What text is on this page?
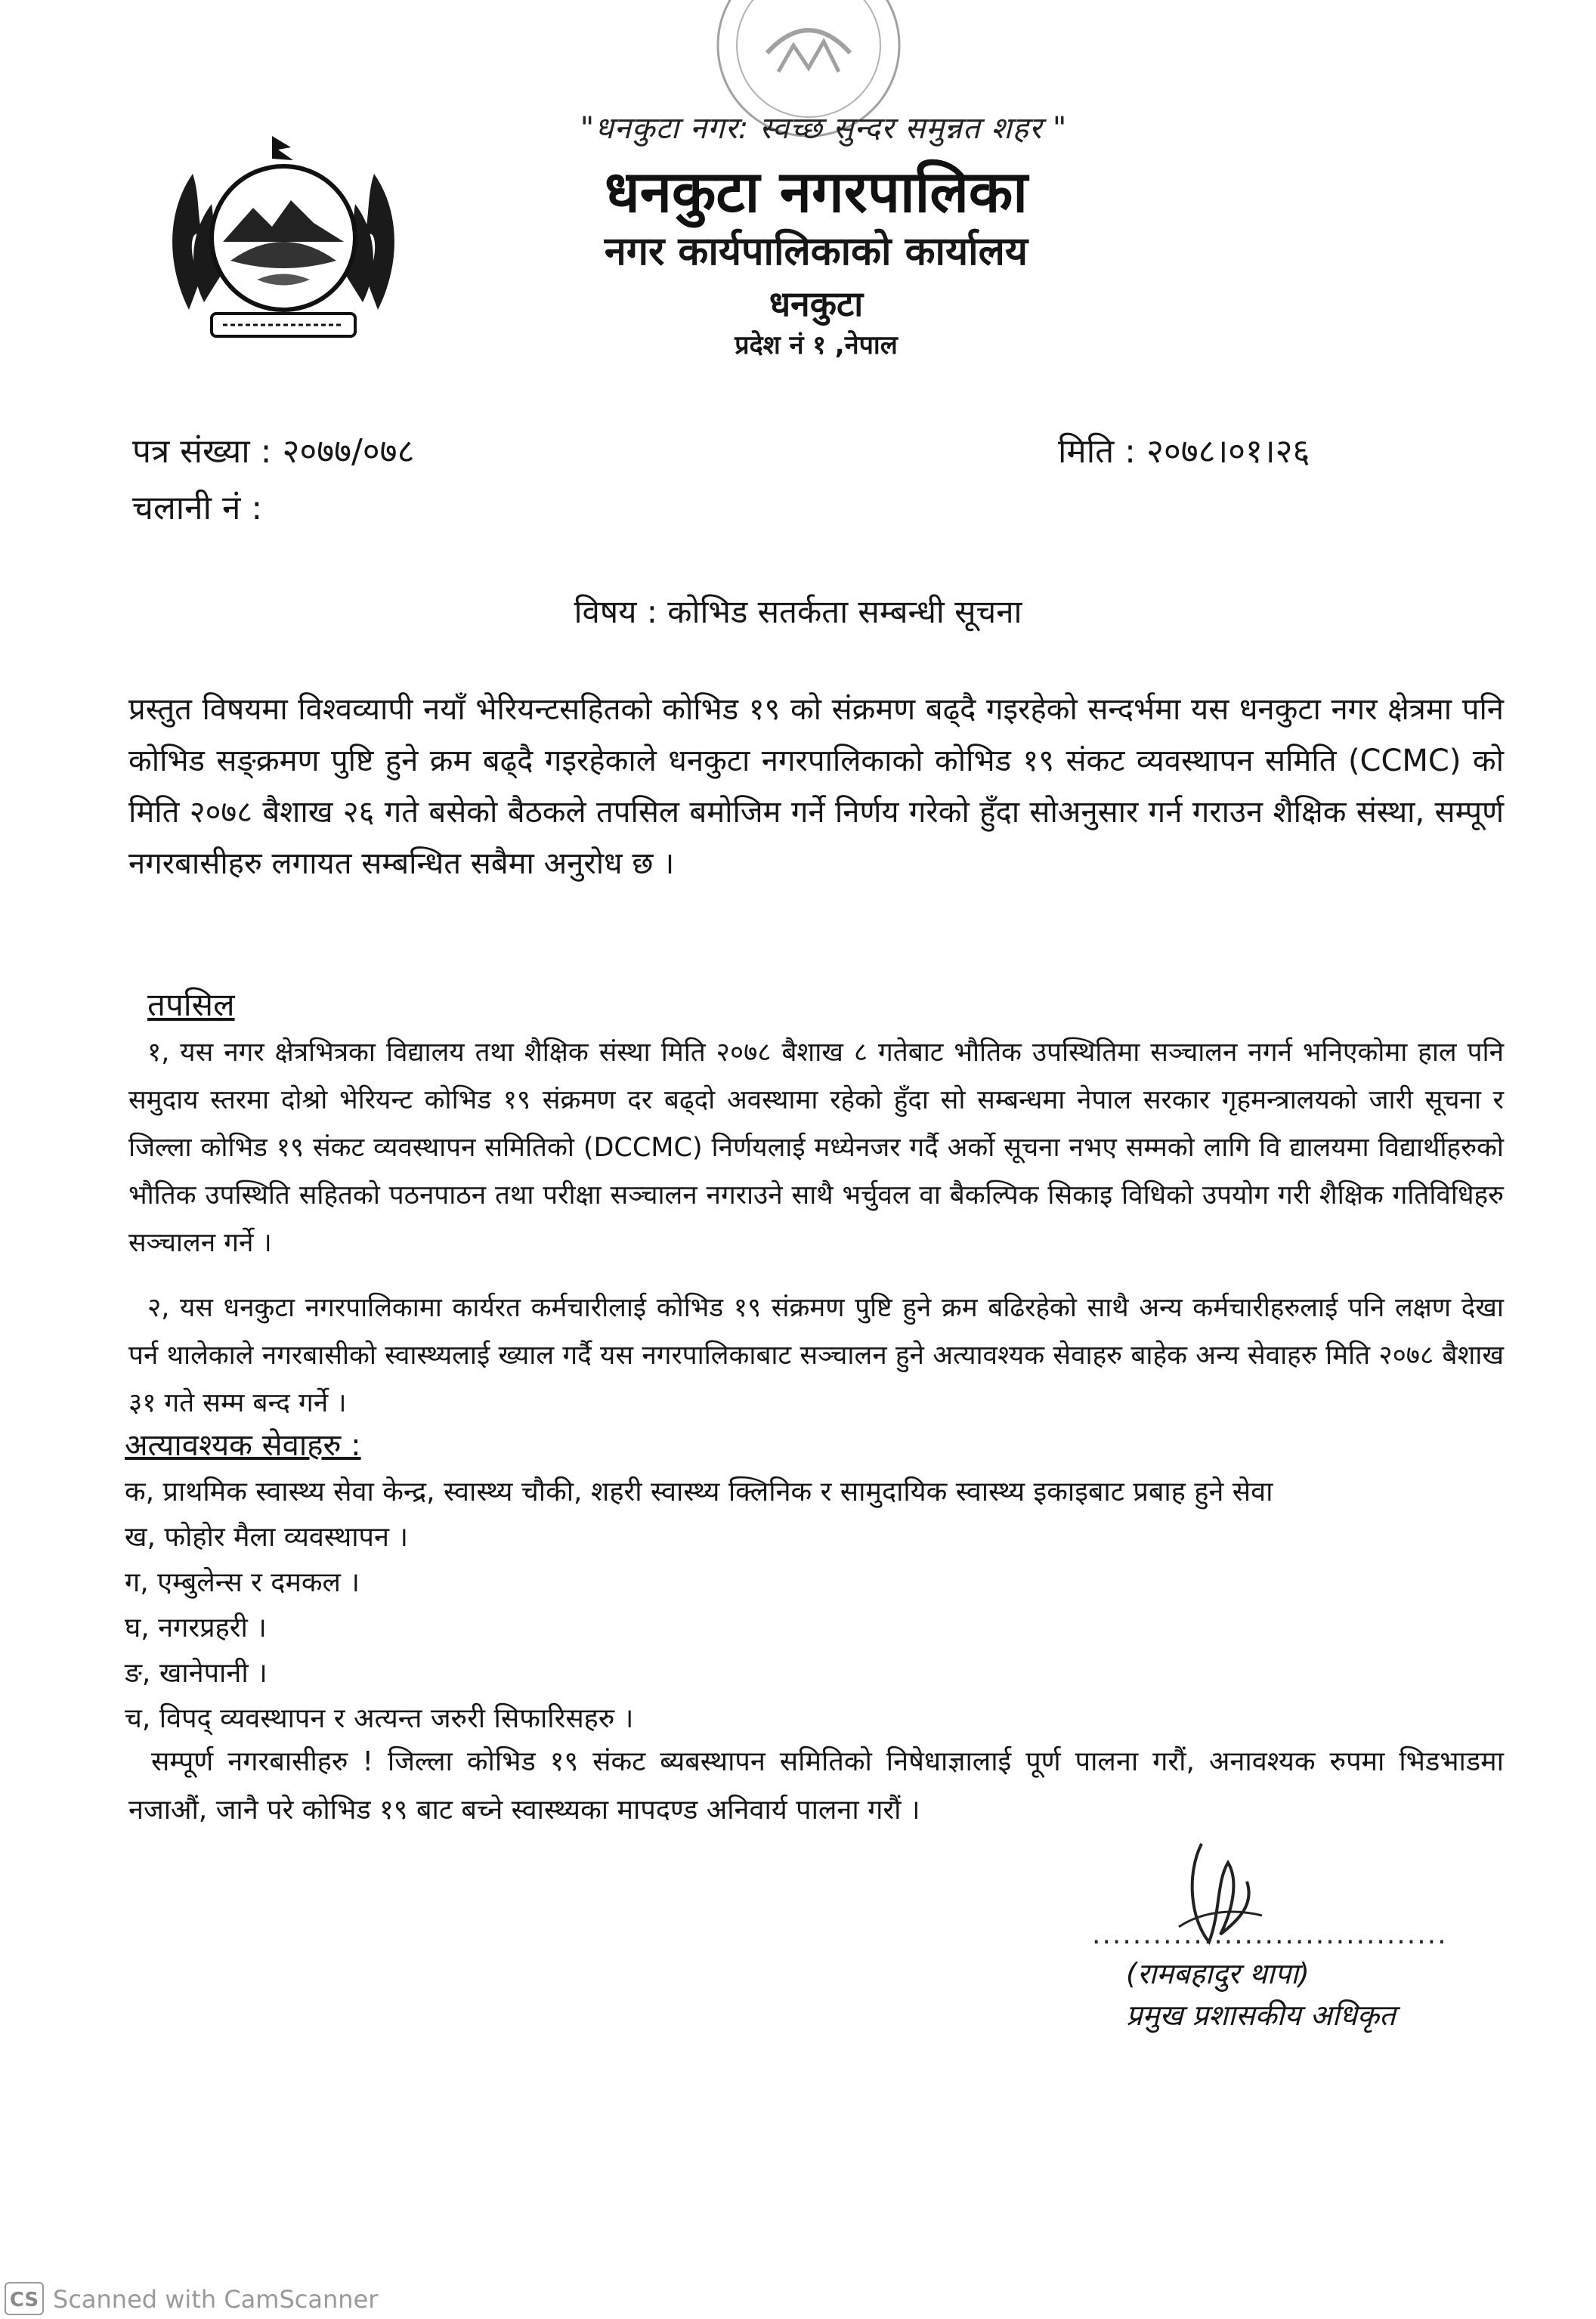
"धनकुटा नगर: स्वच्छ सुन्दर समुन्नत शहर "
धनकुटा नगरपालिका
नगर कार्यपालिकाको कार्यालय
धनकुटा
प्रदेश नं १ ,नेपाल
पत्र संख्या : २०७७/०७८
चलानी नं :
मिति : २०७८।०१।२६
विषय : कोभिड सतर्कता सम्बन्धी सूचना
प्रस्तुत विषयमा विश्वव्यापी नयाँ भेरियन्टसहितको कोभिड १९ को संक्रमण बढ्दै गइरहेको सन्दर्भमा यस धनकुटा नगर क्षेत्रमा पनि कोभिड सङ्क्रमण पुष्टि हुने क्रम बढ्दै गइरहेकाले धनकुटा नगरपालिकाको कोभिड १९ संकट व्यवस्थापन समिति (CCMC) को मिति २०७८ बैशाख २६ गते बसेको बैठकले तपसिल बमोजिम गर्ने निर्णय गरेको हुँदा सोअनुसार गर्न गराउन शैक्षिक संस्था, सम्पूर्ण नगरबासीहरु लगायत सम्बन्धित सबैमा अनुरोध छ ।
तपसिल
१, यस नगर क्षेत्रभित्रका विद्यालय तथा शैक्षिक संस्था मिति २०७८ बैशाख ८ गतेबाट भौतिक उपस्थितिमा सञ्चालन नगर्न भनिएकोमा हाल पनि समुदाय स्तरमा दोश्रो भेरियन्ट कोभिड १९ संक्रमण दर बढ्दो अवस्थामा रहेको हुँदा सो सम्बन्धमा नेपाल सरकार गृहमन्त्रालयको जारी सूचना र जिल्ला कोभिड १९ संकट व्यवस्थापन समितिको (DCCMC) निर्णयलाई मध्येनजर गर्दै अर्को सूचना नभए सम्मको लागि वि द्यालयमा विद्यार्थीहरुको भौतिक उपस्थिति सहितको पठनपाठन तथा परीक्षा सञ्चालन नगराउने साथै भर्चुवल वा बैकल्पिक सिकाइ विधिको उपयोग गरी शैक्षिक गतिविधिहरु सञ्चालन गर्ने ।
२, यस धनकुटा नगरपालिकामा कार्यरत कर्मचारीलाई कोभिड १९ संक्रमण पुष्टि हुने क्रम बढिरहेको साथै अन्य कर्मचारीहरुलाई पनि लक्षण देखा पर्न थालेकाले नगरबासीको स्वास्थ्यलाई ख्याल गर्दै यस नगरपालिकाबाट सञ्चालन हुने अत्यावश्यक सेवाहरु बाहेक अन्य सेवाहरु मिति २०७८ बैशाख ३१ गते सम्म बन्द गर्ने ।
अत्यावश्यक सेवाहरु :
क, प्राथमिक स्वास्थ्य सेवा केन्द्र, स्वास्थ्य चौकी, शहरी स्वास्थ्य क्लिनिक र सामुदायिक स्वास्थ्य इकाइबाट प्रबाह हुने सेवा
ख, फोहोर मैला व्यवस्थापन ।
ग, एम्बुलेन्स र दमकल ।
घ, नगरप्रहरी ।
ङ, खानेपानी ।
च, विपद् व्यवस्थापन र अत्यन्त जरुरी सिफारिसहरु ।
सम्पूर्ण नगरबासीहरु ! जिल्ला कोभिड १९ संकट ब्यबस्थापन समितिको निषेधाज्ञालाई पूर्ण पालना गरौं, अनावश्यक रुपमा भिडभाडमा नजाऔं, जानै परे कोभिड १९ बाट बच्ने स्वास्थ्यका मापदण्ड अनिवार्य पालना गरौं ।
...................................
(रामबहादुर थापा)
प्रमुख प्रशासकीय अधिकृत
CS Scanned with CamScanner
